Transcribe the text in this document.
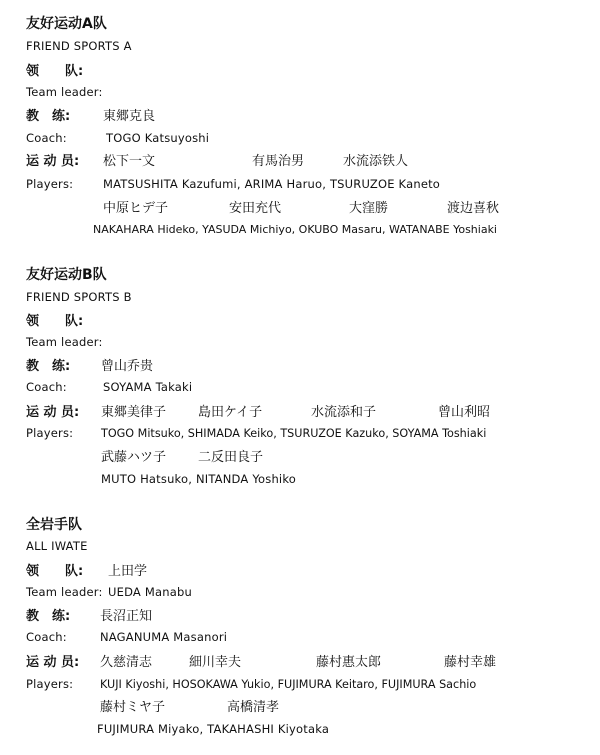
友好运动A队
FRIEND SPORTS A
领　　队:
Team leader:
教　练:	東郷克良
Coach:	TOGO Katsuyoshi
运 动 员: 松下一文	有馬治男	水流添铁人
Players:	MATSUSHITA Kazufumi, ARIMA Haruo, TSURUZOE Kaneto
中原ヒデ子	安田充代	大窪勝	渡边喜秋
NAKAHARA Hideko, YASUDA Michiyo, OKUBO Masaru, WATANABE Yoshiaki
友好运动B队
FRIEND SPORTS B
领　　队:
Team leader:
教　练: 曾山乔贵
Coach:	SOYAMA Takaki
运 动 员: 東郷美律子 島田ケイ子	水流添和子	曾山利昭
Players: TOGO Mitsuko, SHIMADA Keiko, TSURUZOE Kazuko, SOYAMA Toshiaki
武藤ハツ子 二反田良子
MUTO Hatsuko, NITANDA Yoshiko
全岩手队
ALL IWATE
领　　队: 上田学
Team leader: UEDA Manabu
教　练: 長沼正知
Coach:	NAGANUMA Masanori
运 动 员: 久慈清志	細川幸夫	藤村惠太郎	藤村幸雄
Players: KUJI Kiyoshi, HOSOKAWA Yukio, FUJIMURA Keitaro, FUJIMURA Sachio
藤村ミヤ子	高橋清孝
FUJIMURA Miyako, TAKAHASHI Kiyotaka
